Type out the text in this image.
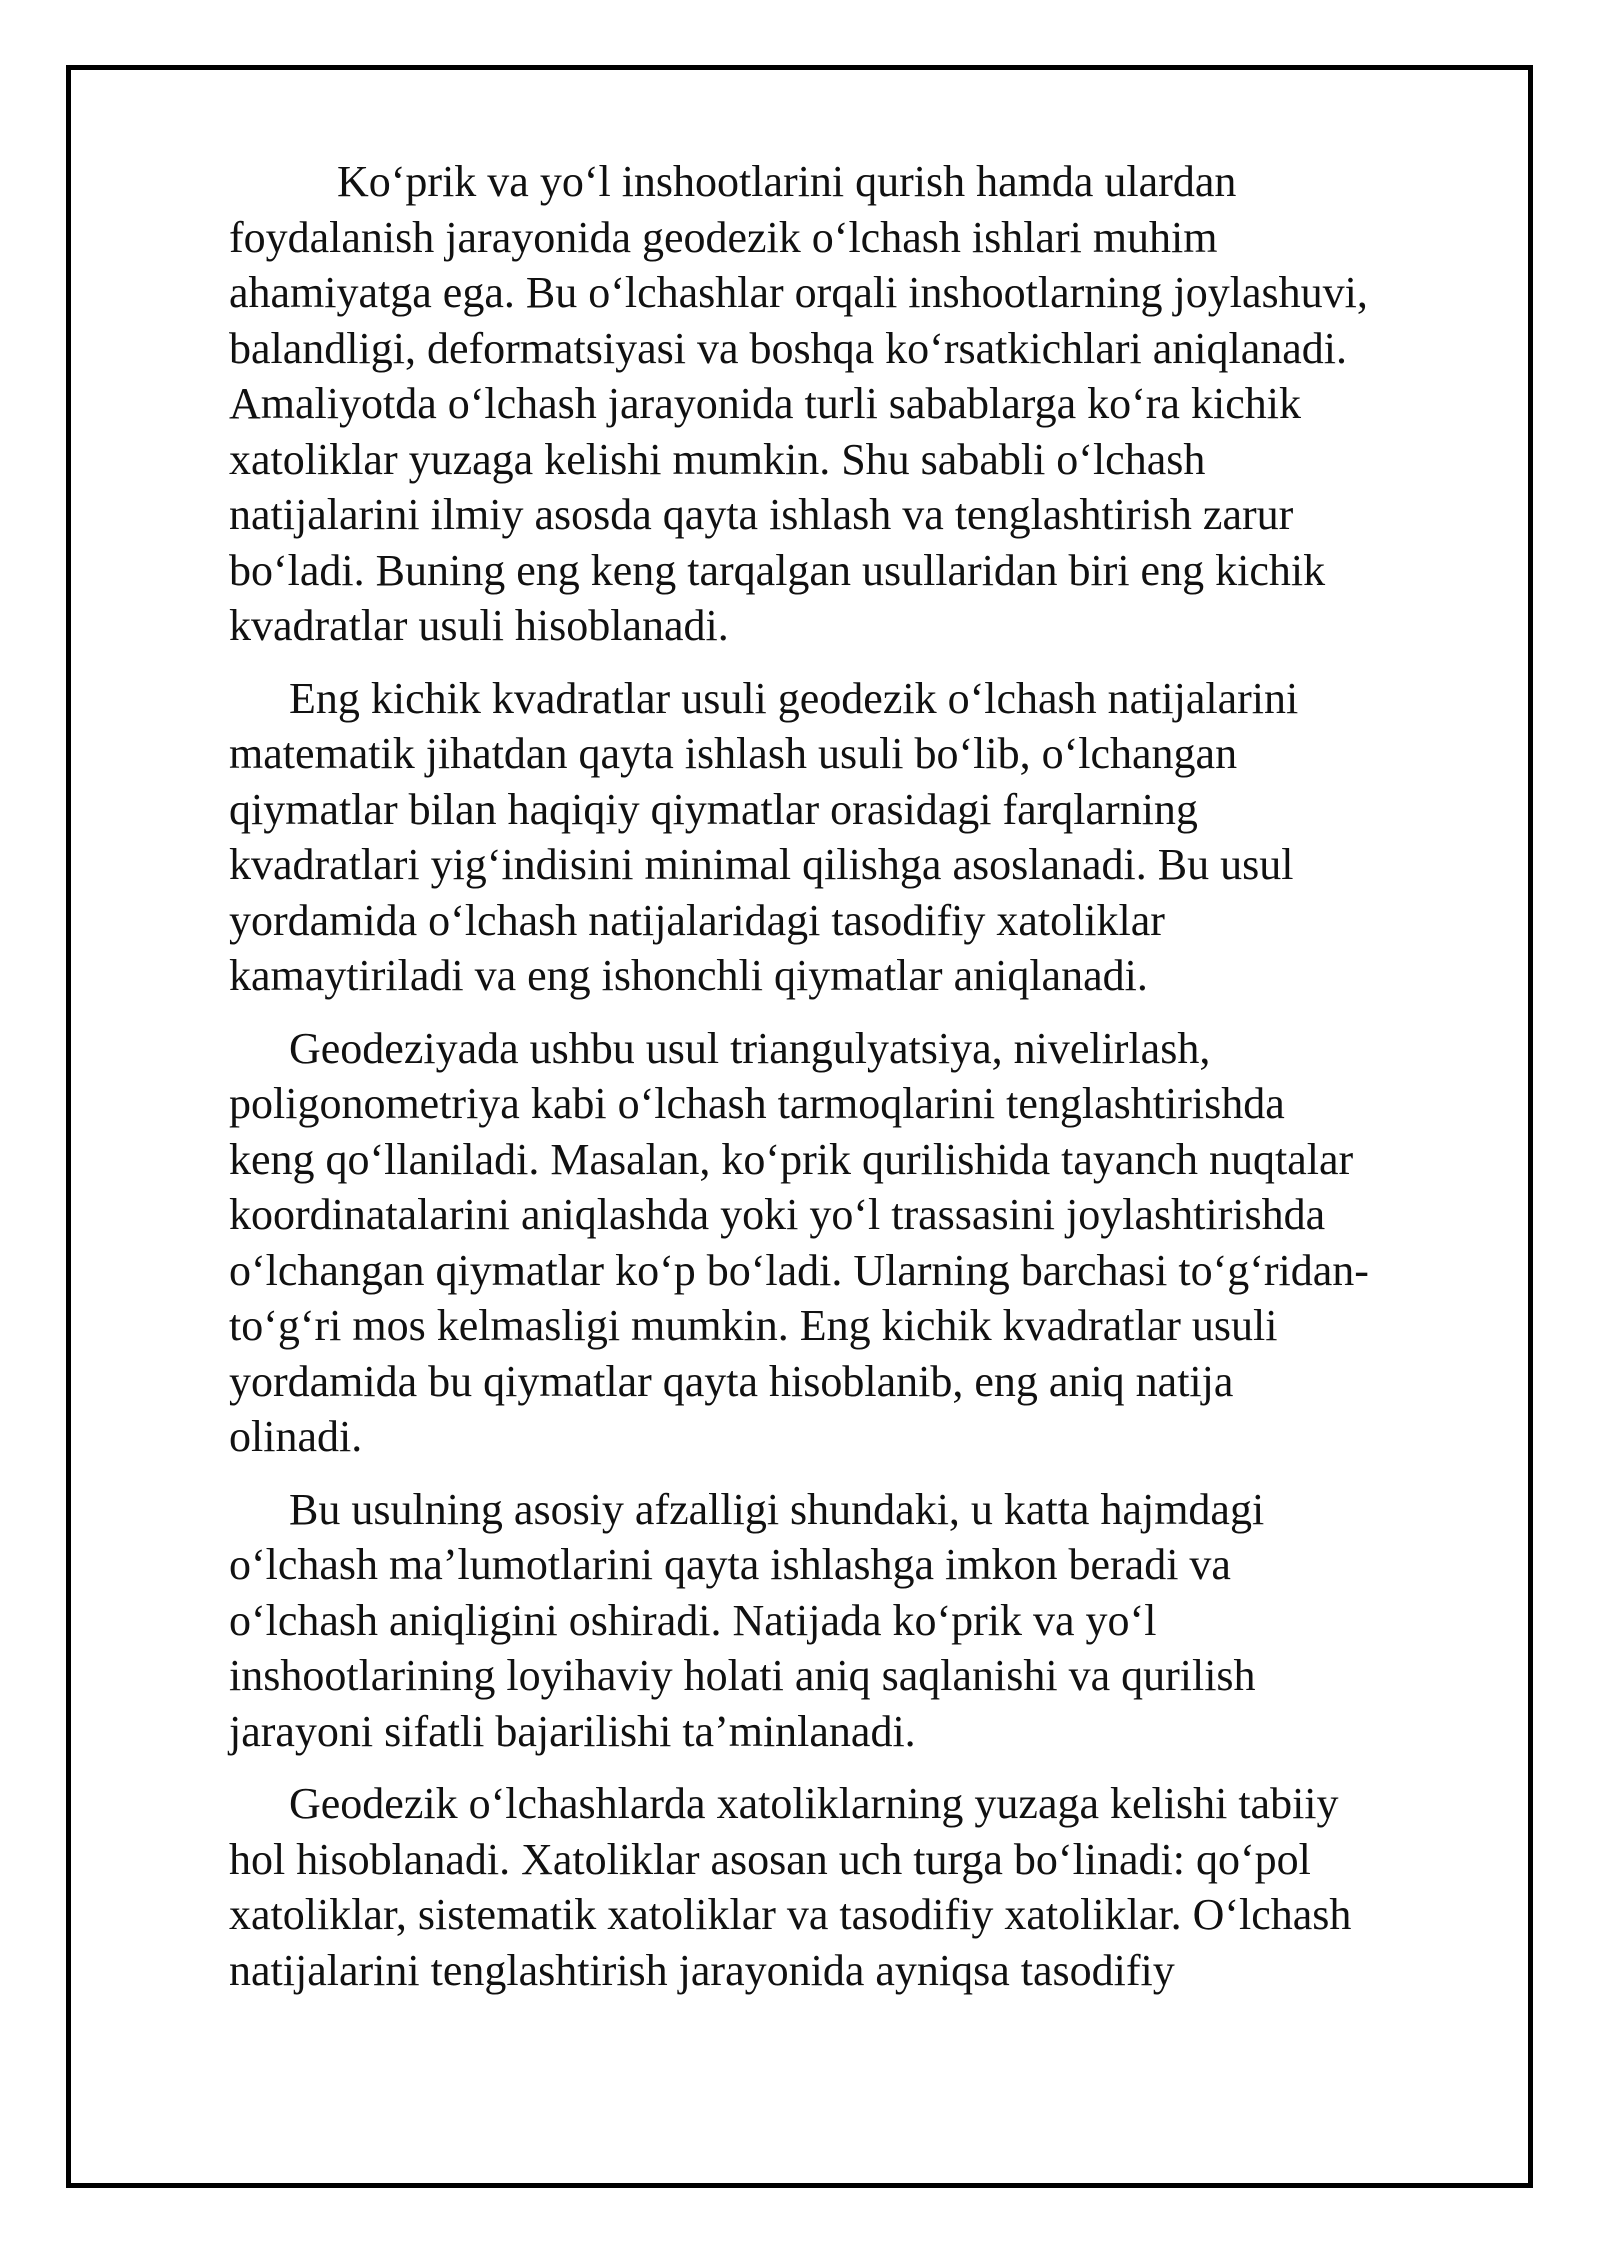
Koʻprik va yoʻl inshootlarini qurish hamda ulardan
foydalanish jarayonida geodezik oʻlchash ishlari muhim
ahamiyatga ega. Bu oʻlchashlar orqali inshootlarning joylashuvi,
balandligi, deformatsiyasi va boshqa koʻrsatkichlari aniqlanadi.
Amaliyotda oʻlchash jarayonida turli sabablarga koʻra kichik
xatoliklar yuzaga kelishi mumkin. Shu sababli oʻlchash
natijalarini ilmiy asosda qayta ishlash va tenglashtirish zarur
boʻladi. Buning eng keng tarqalgan usullaridan biri eng kichik
kvadratlar usuli hisoblanadi.

Eng kichik kvadratlar usuli geodezik oʻlchash natijalarini
matematik jihatdan qayta ishlash usuli boʻlib, oʻlchangan
qiymatlar bilan haqiqiy qiymatlar orasidagi farqlarning
kvadratlari yigʻindisini minimal qilishga asoslanadi. Bu usul
yordamida oʻlchash natijalaridagi tasodifiy xatoliklar
kamaytiriladi va eng ishonchli qiymatlar aniqlanadi.

Geodeziyada ushbu usul triangulyatsiya, nivelirlash,
poligonometriya kabi oʻlchash tarmoqlarini tenglashtirishda
keng qoʻllaniladi. Masalan, koʻprik qurilishida tayanch nuqtalar
koordinatalarini aniqlashda yoki yoʻl trassasini joylashtirishda
oʻlchangan qiymatlar koʻp boʻladi. Ularning barchasi toʻgʻridan-
toʻgʻri mos kelmasligi mumkin. Eng kichik kvadratlar usuli
yordamida bu qiymatlar qayta hisoblanib, eng aniq natija
olinadi.

Bu usulning asosiy afzalligi shundaki, u katta hajmdagi
oʻlchash maʼlumotlarini qayta ishlashga imkon beradi va
oʻlchash aniqligini oshiradi. Natijada koʻprik va yoʻl
inshootlarining loyihaviy holati aniq saqlanishi va qurilish
jarayoni sifatli bajarilishi taʼminlanadi.

Geodezik oʻlchashlarda xatoliklarning yuzaga kelishi tabiiy
hol hisoblanadi. Xatoliklar asosan uch turga boʻlinadi: qoʻpol
xatoliklar, sistematik xatoliklar va tasodifiy xatoliklar. Oʻlchash
natijalarini tenglashtirish jarayonida ayniqsa tasodifiy
